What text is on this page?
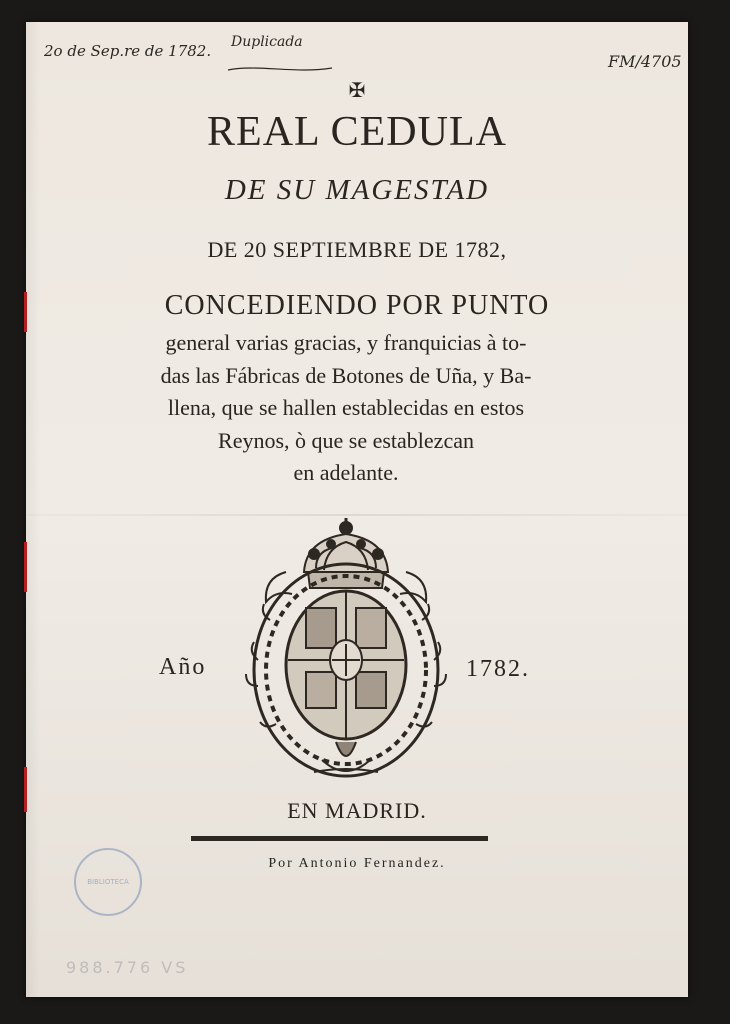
2o de Sep.re de 1782. Duplicada
FM/4705
✠
REAL CEDULA
DE SU MAGESTAD
DE 20 SEPTIEMBRE DE 1782,
CONCEDIENDO POR PUNTO
general varias gracias, y franquicias à to-
das las Fábricas de Botones de Uña, y Ba-
llena, que se hallen establecidas en estos
Reynos, ò que se establezcan
en adelante.
Año	1782.
EN MADRID.
Por Antonio Fernandez.
BIBLIOTECA
988.776 VS
